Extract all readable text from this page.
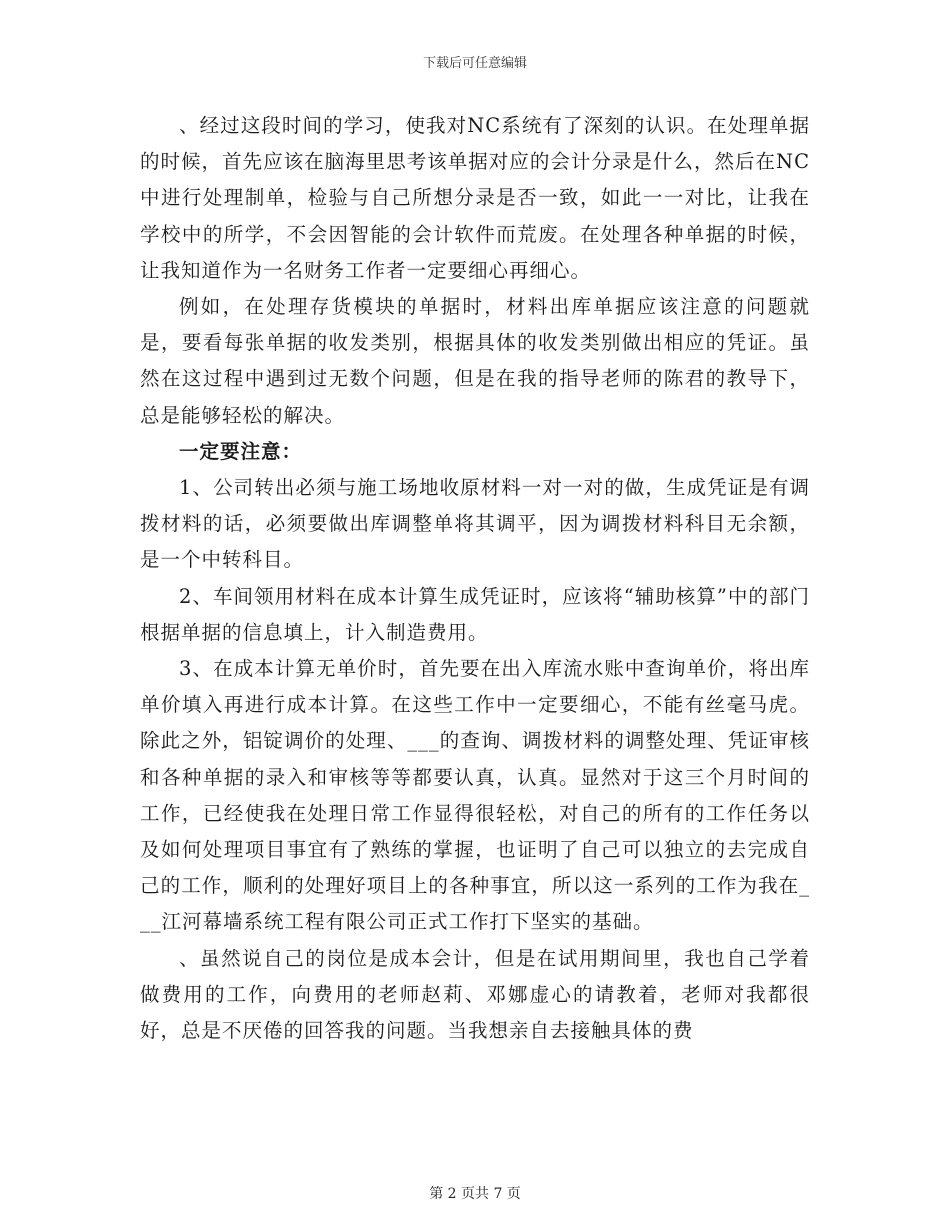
下载后可任意编辑

、经过这段时间的学习，使我对NC系统有了深刻的认识。在处理单据的时候，首先应该在脑海里思考该单据对应的会计分录是什么，然后在NC中进行处理制单，检验与自己所想分录是否一致，如此一一对比，让我在学校中的所学，不会因智能的会计软件而荒废。在处理各种单据的时候，让我知道作为一名财务工作者一定要细心再细心。

例如，在处理存货模块的单据时，材料出库单据应该注意的问题就是，要看每张单据的收发类别，根据具体的收发类别做出相应的凭证。虽然在这过程中遇到过无数个问题，但是在我的指导老师的陈君的教导下，总是能够轻松的解决。

一定要注意：

1、公司转出必须与施工场地收原材料一对一对的做，生成凭证是有调拨材料的话，必须要做出库调整单将其调平，因为调拨材料科目无余额，是一个中转科目。

2、车间领用材料在成本计算生成凭证时，应该将“辅助核算”中的部门根据单据的信息填上，计入制造费用。

3、在成本计算无单价时，首先要在出入库流水账中查询单价，将出库单价填入再进行成本计算。在这些工作中一定要细心，不能有丝毫马虎。除此之外，铝锭调价的处理、___的查询、调拨材料的调整处理、凭证审核和各种单据的录入和审核等等都要认真，认真。显然对于这三个月时间的工作，已经使我在处理日常工作显得很轻松，对自己的所有的工作任务以及如何处理项目事宜有了熟练的掌握，也证明了自己可以独立的去完成自己的工作，顺利的处理好项目上的各种事宜，所以这一系列的工作为我在___江河幕墙系统工程有限公司正式工作打下坚实的基础。

、虽然说自己的岗位是成本会计，但是在试用期间里，我也自己学着做费用的工作，向费用的老师赵莉、邓娜虚心的请教着，老师对我都很好，总是不厌倦的回答我的问题。当我想亲自去接触具体的费

第 2 页共 7 页
